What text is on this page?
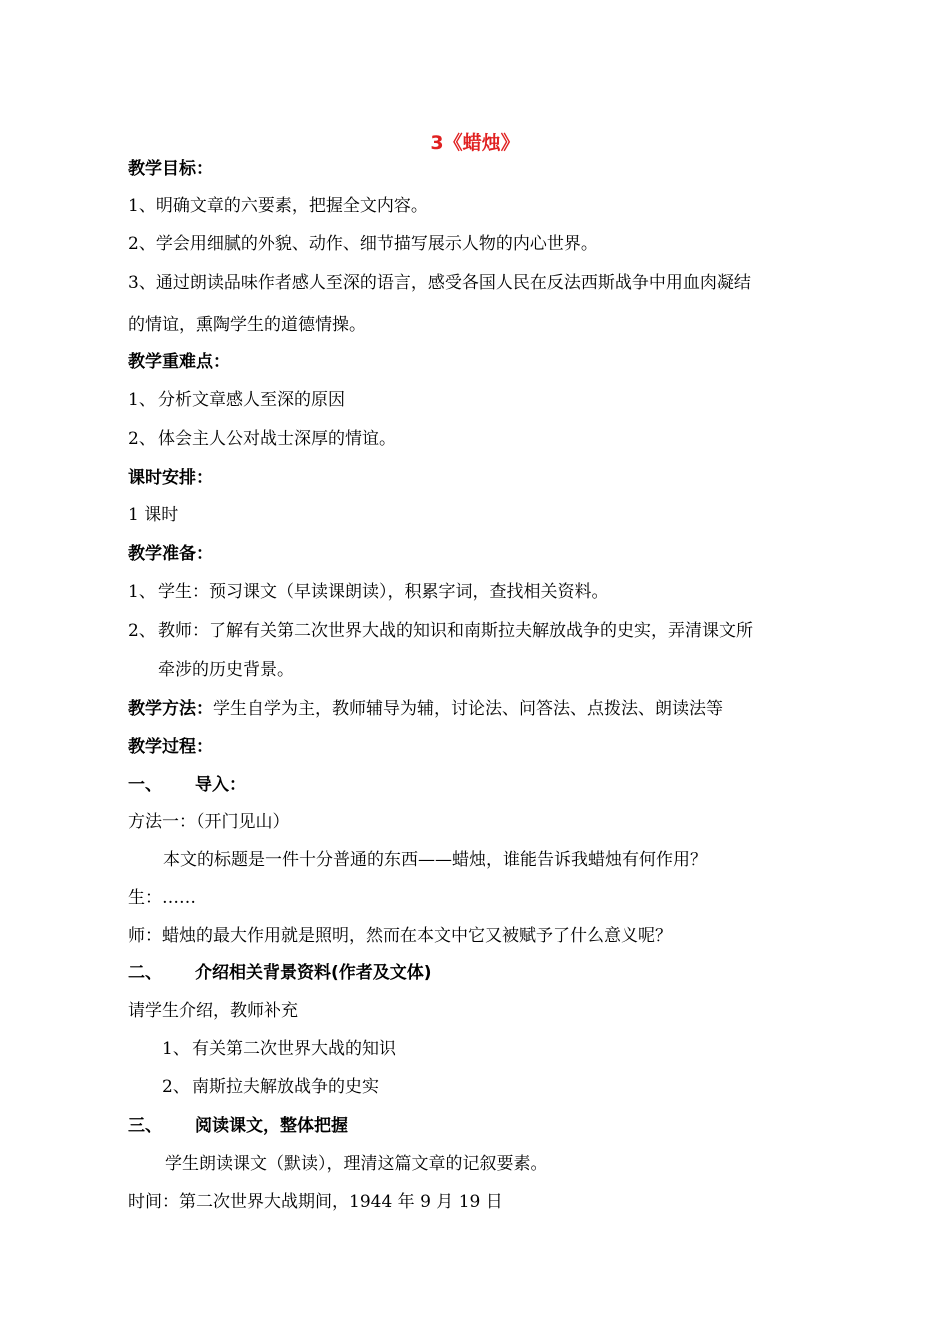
3《蜡烛》
教学目标：
1、明确文章的六要素，把握全文内容。
2、学会用细腻的外貌、动作、细节描写展示人物的内心世界。
3、通过朗读品味作者感人至深的语言，感受各国人民在反法西斯战争中用血肉凝结
的情谊，熏陶学生的道德情操。
教学重难点：
1、 分析文章感人至深的原因
2、 体会主人公对战士深厚的情谊。
课时安排：
1 课时
教学准备：
1、 学生：预习课文（早读课朗读），积累字词，查找相关资料。
2、 教师：了解有关第二次世界大战的知识和南斯拉夫解放战争的史实，弄清课文所
牵涉的历史背景。
教学方法：学生自学为主，教师辅导为辅，讨论法、问答法、点拨法、朗读法等
教学过程：
一、 导入：
方法一：（开门见山）
本文的标题是一件十分普通的东西——蜡烛，谁能告诉我蜡烛有何作用？
生：……
师：蜡烛的最大作用就是照明，然而在本文中它又被赋予了什么意义呢？
二、 介绍相关背景资料(作者及文体)
请学生介绍，教师补充
1、 有关第二次世界大战的知识
2、 南斯拉夫解放战争的史实
三、 阅读课文，整体把握
学生朗读课文（默读），理清这篇文章的记叙要素。
时间：第二次世界大战期间，1944 年 9 月 19 日
